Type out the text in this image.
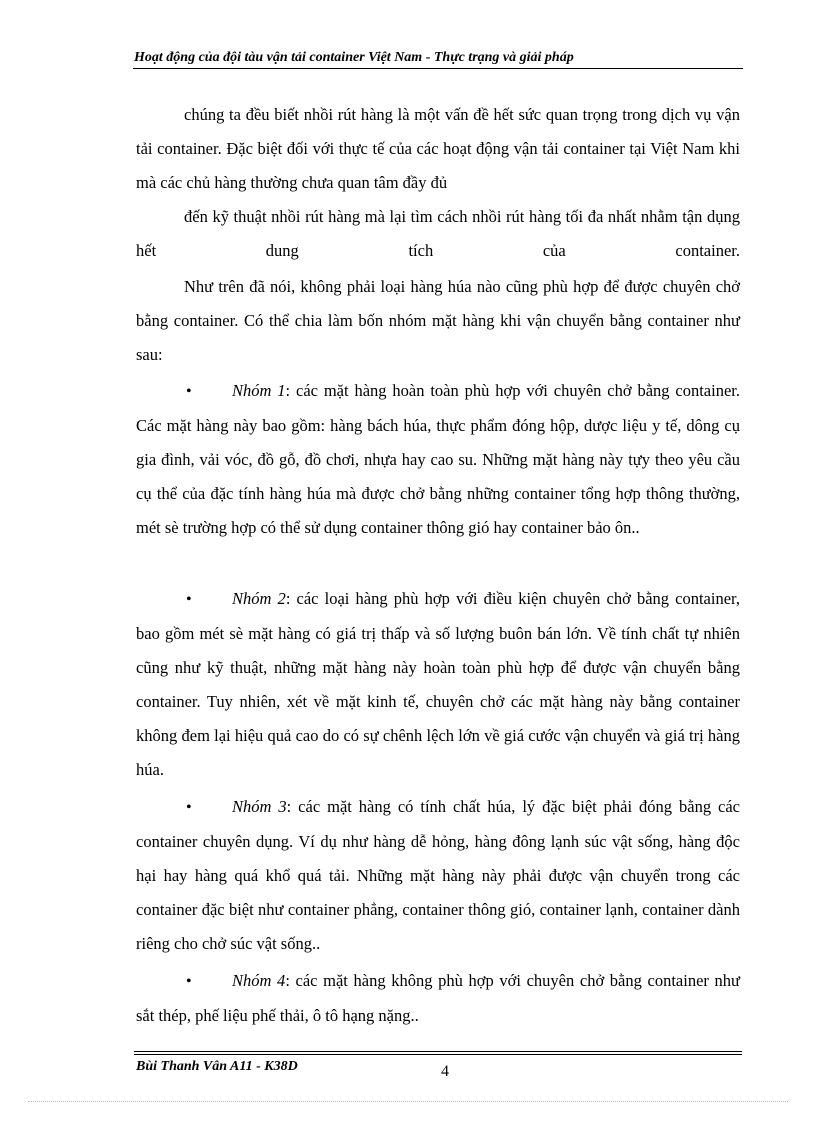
Hoạt động của đội tàu vận tải container Việt Nam - Thực trạng và giải pháp
chúng ta đều biết nhồi rút hàng là một vấn đề hết sức quan trọng trong dịch vụ vận tải container. Đặc biệt đối với thực tế của các hoạt động vận tải container tại Việt Nam khi mà các chủ hàng thường chưa quan tâm đầy đủ
đến kỹ thuật nhồi rút hàng mà lại tìm cách nhồi rút hàng tối đa nhất nhằm tận dụng hết dung tích của container.
Như trên đã nói, không phải loại hàng húa nào cũng phù hợp để được chuyên chở bằng container. Có thể chia làm bốn nhóm mặt hàng khi vận chuyển bằng container như sau:
• Nhóm 1: các mặt hàng hoàn toàn phù hợp với chuyên chở bằng container. Các mặt hàng này bao gồm: hàng bách húa, thực phẩm đóng hộp, dược liệu y tế, dông cụ gia đình, vải vóc, đồ gỗ, đồ chơi, nhựa hay cao su. Những mặt hàng này tựy theo yêu cầu cụ thể của đặc tính hàng húa mà được chở bằng những container tổng hợp thông thường, mét sè trường hợp có thể sử dụng container thông gió hay container bảo ôn..
• Nhóm 2: các loại hàng phù hợp với điều kiện chuyên chở bằng container, bao gồm mét sè mặt hàng có giá trị thấp và số lượng buôn bán lớn. Về tính chất tự nhiên cũng như kỹ thuật, những mặt hàng này hoàn toàn phù hợp để được vận chuyển bằng container. Tuy nhiên, xét về mặt kinh tế, chuyên chở các mặt hàng này bằng container không đem lại hiệu quả cao do có sự chênh lệch lớn về giá cước vận chuyển và giá trị hàng húa.
• Nhóm 3: các mặt hàng có tính chất húa, lý đặc biệt phải đóng bằng các container chuyên dụng. Ví dụ như hàng dễ hỏng, hàng đông lạnh súc vật sống, hàng độc hại hay hàng quá khổ quá tải. Những mặt hàng này phải được vận chuyển trong các container đặc biệt như container phẳng, container thông gió, container lạnh, container dành riêng cho chở súc vật sống..
• Nhóm 4: các mặt hàng không phù hợp với chuyên chở bằng container như sắt thép, phế liệu phế thải, ô tô hạng nặng..
Bùi Thanh Vân A11 - K38D	4
